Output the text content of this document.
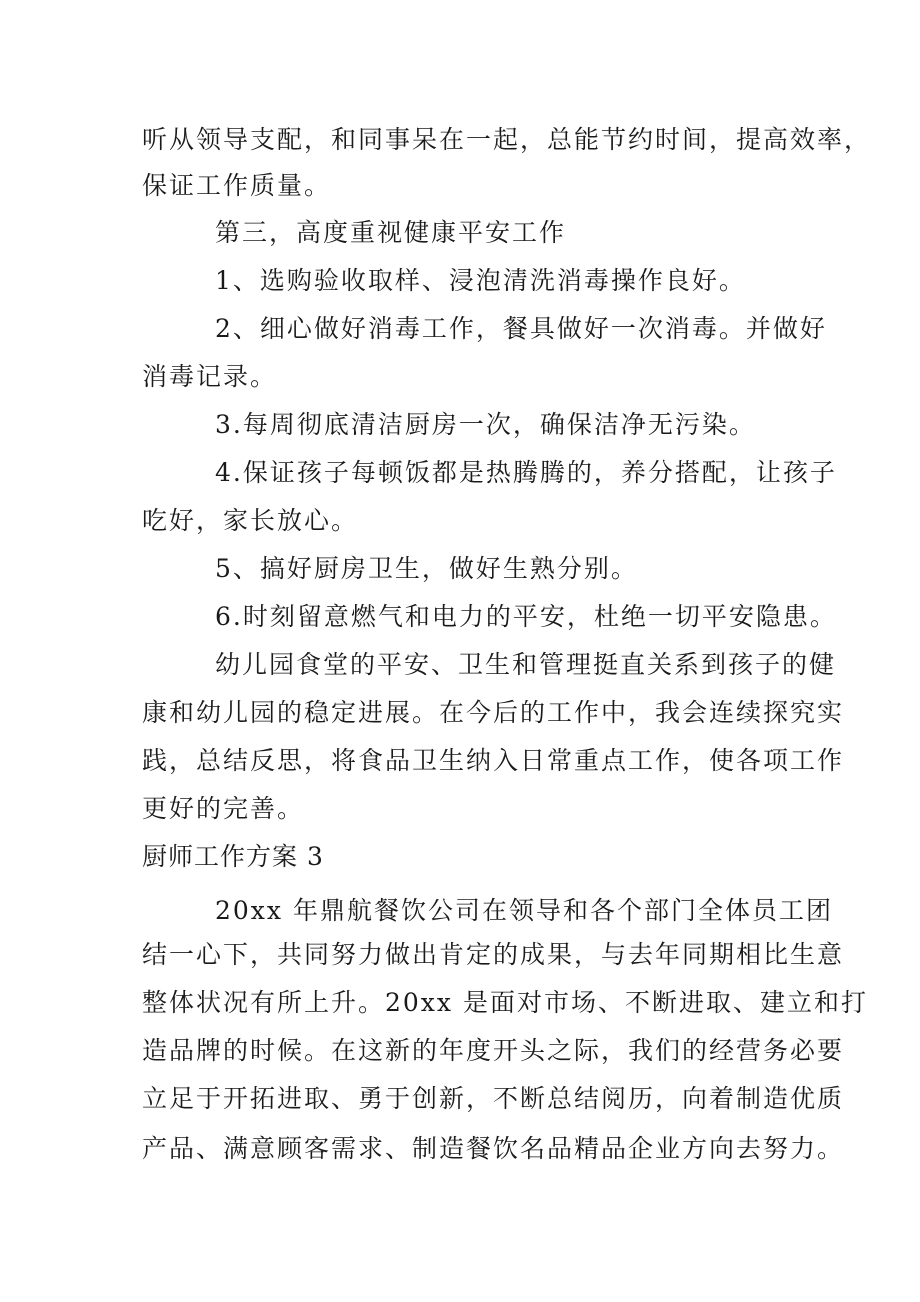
听从领导支配，和同事呆在一起，总能节约时间，提高效率，
保证工作质量。
第三，高度重视健康平安工作
1、选购验收取样、浸泡清洗消毒操作良好。
2、细心做好消毒工作，餐具做好一次消毒。并做好
消毒记录。
3.每周彻底清洁厨房一次，确保洁净无污染。
4.保证孩子每顿饭都是热腾腾的，养分搭配，让孩子
吃好，家长放心。
5、搞好厨房卫生，做好生熟分别。
6.时刻留意燃气和电力的平安，杜绝一切平安隐患。
幼儿园食堂的平安、卫生和管理挺直关系到孩子的健
康和幼儿园的稳定进展。在今后的工作中，我会连续探究实
践，总结反思，将食品卫生纳入日常重点工作，使各项工作
更好的完善。
厨师工作方案 3
20xx 年鼎航餐饮公司在领导和各个部门全体员工团
结一心下，共同努力做出肯定的成果，与去年同期相比生意
整体状况有所上升。20xx 是面对市场、不断进取、建立和打
造品牌的时候。在这新的年度开头之际，我们的经营务必要
立足于开拓进取、勇于创新，不断总结阅历，向着制造优质
产品、满意顾客需求、制造餐饮名品精品企业方向去努力。
